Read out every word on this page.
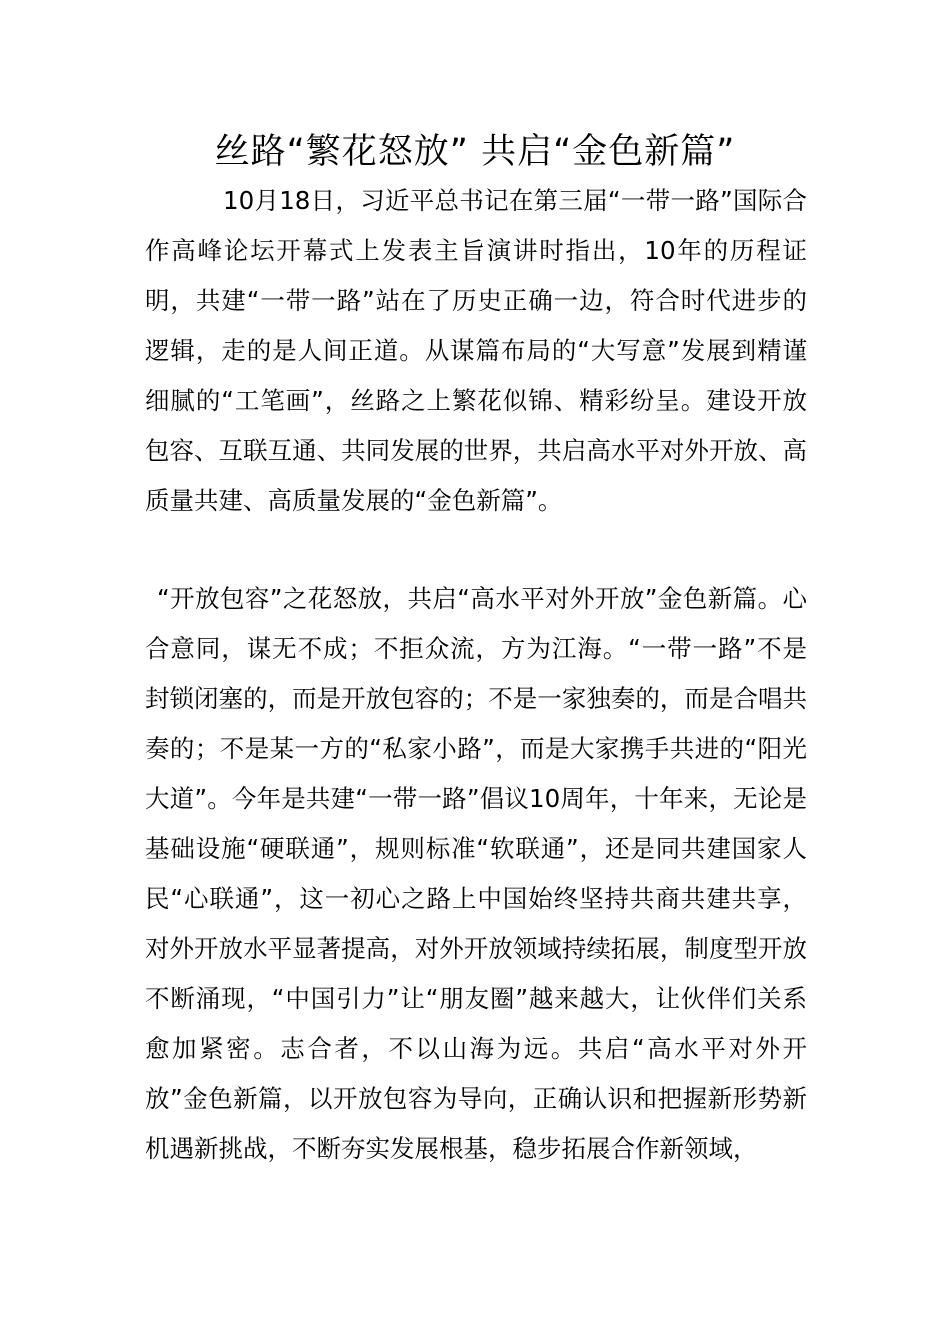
丝路“繁花怒放” 共启“金色新篇”

10月18日，习近平总书记在第三届“一带一路”国际合作高峰论坛开幕式上发表主旨演讲时指出，10年的历程证明，共建“一带一路”站在了历史正确一边，符合时代进步的逻辑，走的是人间正道。从谋篇布局的“大写意”发展到精谨细腻的“工笔画”，丝路之上繁花似锦、精彩纷呈。建设开放包容、互联互通、共同发展的世界，共启高水平对外开放、高质量共建、高质量发展的“金色新篇”。

“开放包容”之花怒放，共启“高水平对外开放”金色新篇。心合意同，谋无不成；不拒众流，方为江海。“一带一路”不是封锁闭塞的，而是开放包容的；不是一家独奏的，而是合唱共奏的；不是某一方的“私家小路”，而是大家携手共进的“阳光大道”。今年是共建“一带一路”倡议10周年，十年来，无论是基础设施“硬联通”，规则标准“软联通”，还是同共建国家人民“心联通”，这一初心之路上中国始终坚持共商共建共享，对外开放水平显著提高，对外开放领域持续拓展，制度型开放不断涌现，“中国引力”让“朋友圈”越来越大，让伙伴们关系愈加紧密。志合者，不以山海为远。共启“高水平对外开放”金色新篇，以开放包容为导向，正确认识和把握新形势新机遇新挑战，不断夯实发展根基，稳步拓展合作新领域，
